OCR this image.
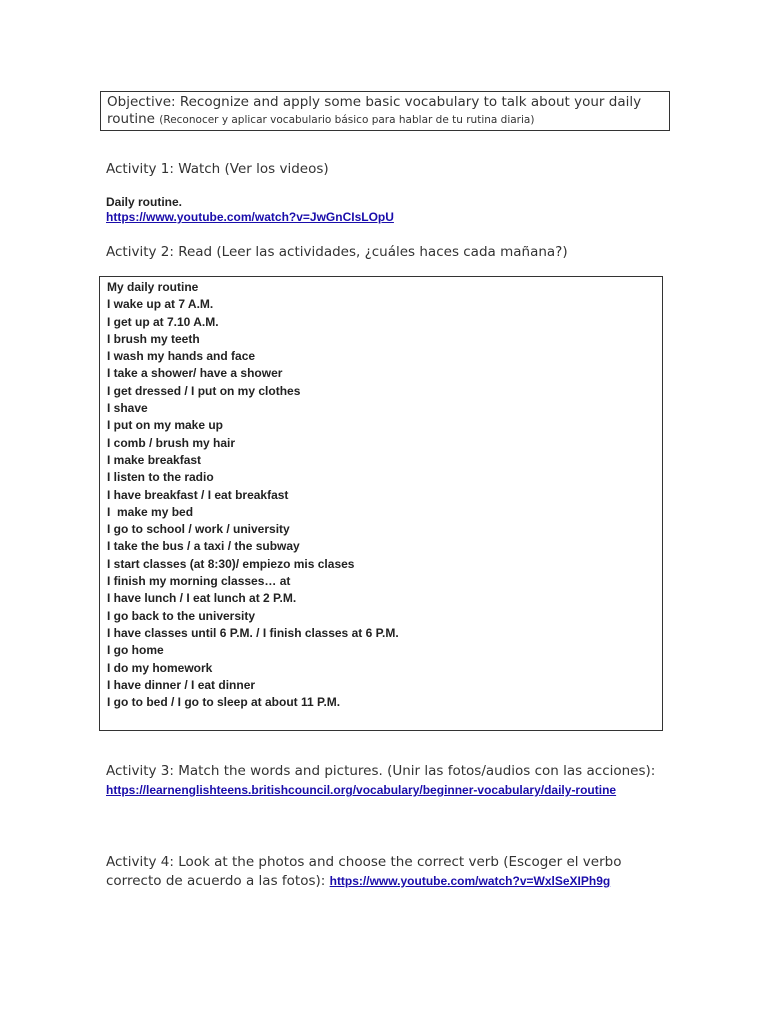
Objective: Recognize and apply some basic vocabulary to talk about your daily routine (Reconocer y aplicar vocabulario básico para hablar de tu rutina diaria)
Activity 1: Watch (Ver los videos)
Daily routine.
https://www.youtube.com/watch?v=JwGnCIsLOpU
Activity 2: Read (Leer las actividades, ¿cuáles haces cada mañana?)
My daily routine
I wake up at 7 A.M.
I get up at 7.10 A.M.
I brush my teeth
I wash my hands and face
I take a shower/ have a shower
I get dressed / I put on my clothes
I shave
I put on my make up
I comb / brush my hair
I make breakfast
I listen to the radio
I have breakfast / I eat breakfast
I  make my bed
I go to school / work / university
I take the bus / a taxi / the subway
I start classes (at 8:30)/ empiezo mis clases
I finish my morning classes… at
I have lunch / I eat lunch at 2 P.M.
I go back to the university
I have classes until 6 P.M. / I finish classes at 6 P.M.
I go home
I do my homework
I have dinner / I eat dinner
I go to bed / I go to sleep at about 11 P.M.
Activity 3: Match the words and pictures. (Unir las fotos/audios con las acciones): https://learnenglishteens.britishcouncil.org/vocabulary/beginner-vocabulary/daily-routine
Activity 4: Look at the photos and choose the correct verb (Escoger el verbo correcto de acuerdo a las fotos): https://www.youtube.com/watch?v=WxlSeXIPh9g
